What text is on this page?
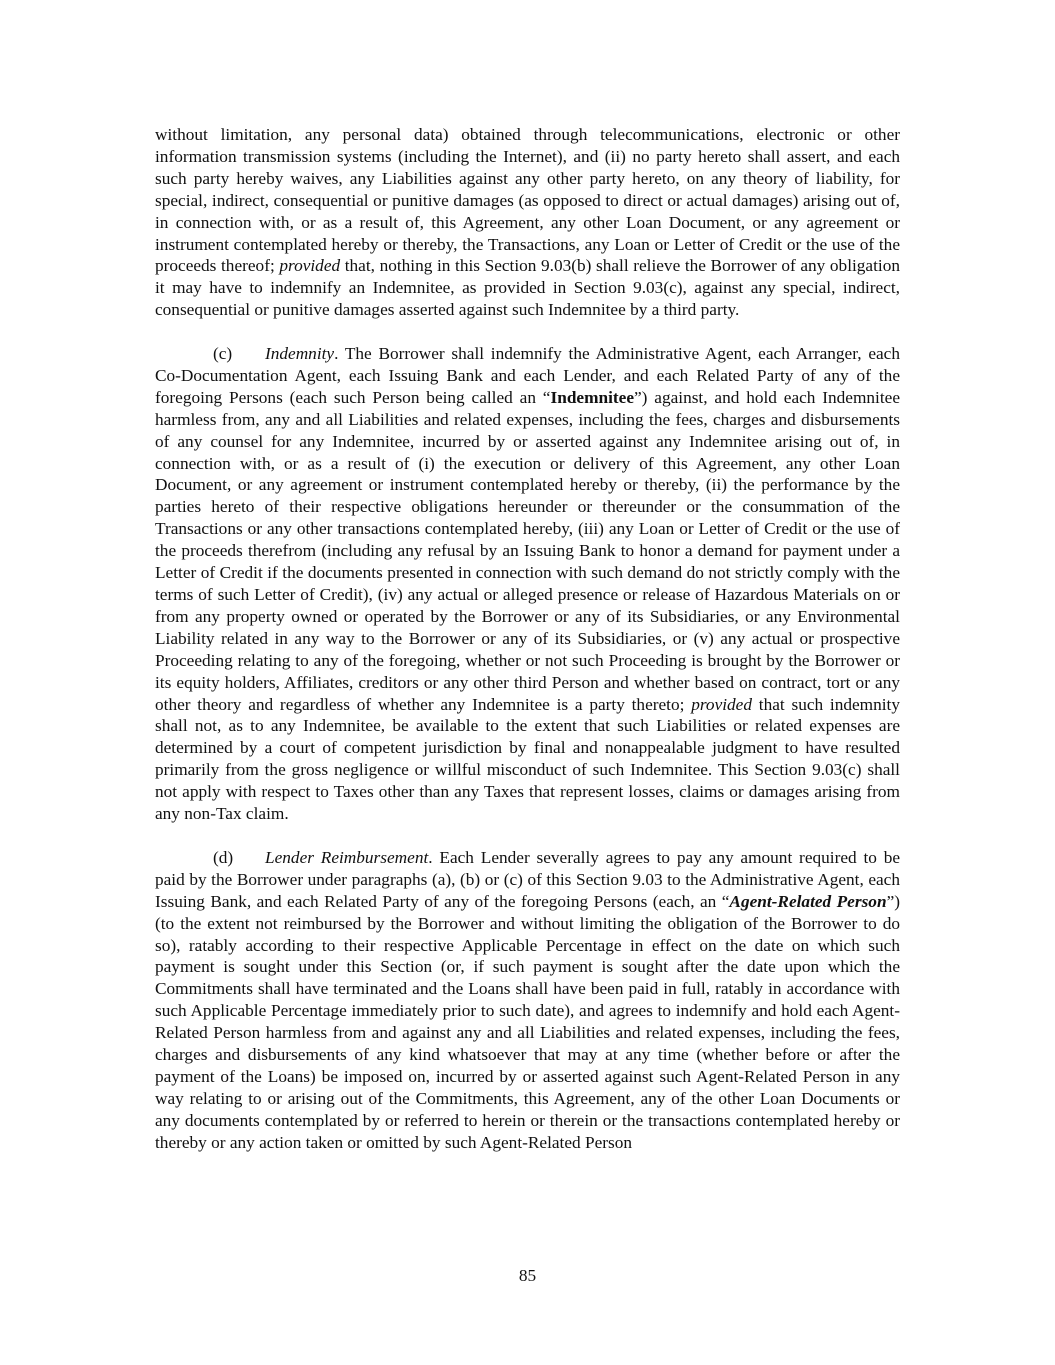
without limitation, any personal data) obtained through telecommunications, electronic or other information transmission systems (including the Internet), and (ii) no party hereto shall assert, and each such party hereby waives, any Liabilities against any other party hereto, on any theory of liability, for special, indirect, consequential or punitive damages (as opposed to direct or actual damages) arising out of, in connection with, or as a result of, this Agreement, any other Loan Document, or any agreement or instrument contemplated hereby or thereby, the Transactions, any Loan or Letter of Credit or the use of the proceeds thereof; provided that, nothing in this Section 9.03(b) shall relieve the Borrower of any obligation it may have to indemnify an Indemnitee, as provided in Section 9.03(c), against any special, indirect, consequential or punitive damages asserted against such Indemnitee by a third party.

(c) Indemnity. The Borrower shall indemnify the Administrative Agent, each Arranger, each Co-Documentation Agent, each Issuing Bank and each Lender, and each Related Party of any of the foregoing Persons (each such Person being called an “Indemnitee”) against, and hold each Indemnitee harmless from, any and all Liabilities and related expenses, including the fees, charges and disbursements of any counsel for any Indemnitee, incurred by or asserted against any Indemnitee arising out of, in connection with, or as a result of (i) the execution or delivery of this Agreement, any other Loan Document, or any agreement or instrument contemplated hereby or thereby, (ii) the performance by the parties hereto of their respective obligations hereunder or thereunder or the consummation of the Transactions or any other transactions contemplated hereby, (iii) any Loan or Letter of Credit or the use of the proceeds therefrom (including any refusal by an Issuing Bank to honor a demand for payment under a Letter of Credit if the documents presented in connection with such demand do not strictly comply with the terms of such Letter of Credit), (iv) any actual or alleged presence or release of Hazardous Materials on or from any property owned or operated by the Borrower or any of its Subsidiaries, or any Environmental Liability related in any way to the Borrower or any of its Subsidiaries, or (v) any actual or prospective Proceeding relating to any of the foregoing, whether or not such Proceeding is brought by the Borrower or its equity holders, Affiliates, creditors or any other third Person and whether based on contract, tort or any other theory and regardless of whether any Indemnitee is a party thereto; provided that such indemnity shall not, as to any Indemnitee, be available to the extent that such Liabilities or related expenses are determined by a court of competent jurisdiction by final and nonappealable judgment to have resulted primarily from the gross negligence or willful misconduct of such Indemnitee. This Section 9.03(c) shall not apply with respect to Taxes other than any Taxes that represent losses, claims or damages arising from any non-Tax claim.

(d) Lender Reimbursement. Each Lender severally agrees to pay any amount required to be paid by the Borrower under paragraphs (a), (b) or (c) of this Section 9.03 to the Administrative Agent, each Issuing Bank, and each Related Party of any of the foregoing Persons (each, an “Agent-Related Person”) (to the extent not reimbursed by the Borrower and without limiting the obligation of the Borrower to do so), ratably according to their respective Applicable Percentage in effect on the date on which such payment is sought under this Section (or, if such payment is sought after the date upon which the Commitments shall have terminated and the Loans shall have been paid in full, ratably in accordance with such Applicable Percentage immediately prior to such date), and agrees to indemnify and hold each Agent-Related Person harmless from and against any and all Liabilities and related expenses, including the fees, charges and disbursements of any kind whatsoever that may at any time (whether before or after the payment of the Loans) be imposed on, incurred by or asserted against such Agent-Related Person in any way relating to or arising out of the Commitments, this Agreement, any of the other Loan Documents or any documents contemplated by or referred to herein or therein or the transactions contemplated hereby or thereby or any action taken or omitted by such Agent-Related Person

85
